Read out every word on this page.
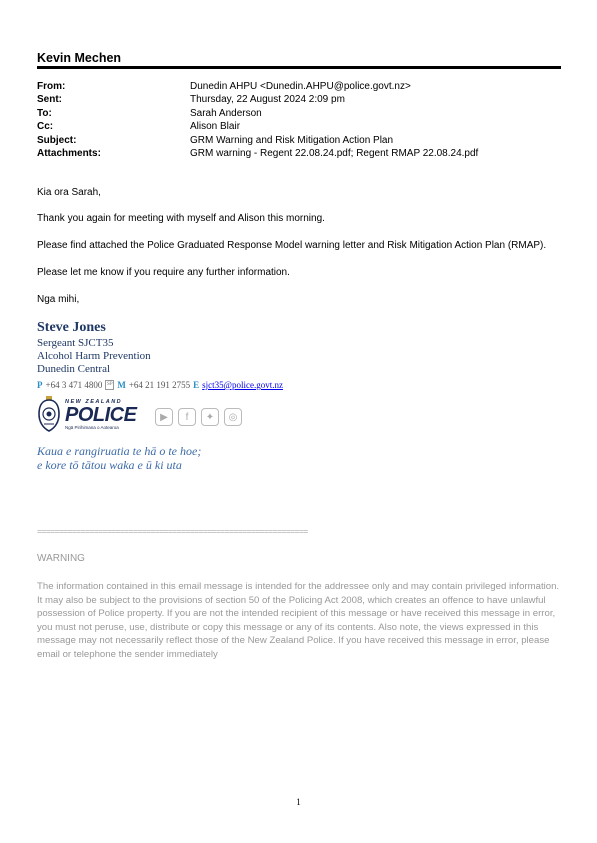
Kevin Mechen
From:	Dunedin AHPU <Dunedin.AHPU@police.govt.nz>
Sent:	Thursday, 22 August 2024 2:09 pm
To:	Sarah Anderson
Cc:	Alison Blair
Subject:	GRM Warning and Risk Mitigation Action Plan
Attachments:	GRM warning - Regent 22.08.24.pdf; Regent RMAP 22.08.24.pdf
Kia ora Sarah,
Thank you again for meeting with myself and Alison this morning.
Please find attached the Police Graduated Response Model warning letter and Risk Mitigation Action Plan (RMAP).
Please let me know if you require any further information.
Nga mihi,
Steve Jones
Sergeant SJCT35
Alcohol Harm Prevention
Dunedin Central
P +64 3 471 4800 SP M +64 21 191 2755 E sjct35@police.govt.nz
NEW ZEALAND
POLICE
Ngā Pirihimana o Aotearoa
▶	f	✦	◎
Kaua e rangiruatia te hā o te hoe;
e kore tō tātou waka e ū ki uta
==============================================================
WARNING
The information contained in this email message is intended for the addressee only and may contain privileged information. It may also be subject to the provisions of section 50 of the Policing Act 2008, which creates an offence to have unlawful possession of Police property. If you are not the intended recipient of this message or have received this message in error, you must not peruse, use, distribute or copy this message or any of its contents. Also note, the views expressed in this message may not necessarily reflect those of the New Zealand Police. If you have received this message in error, please email or telephone the sender immediately
1
